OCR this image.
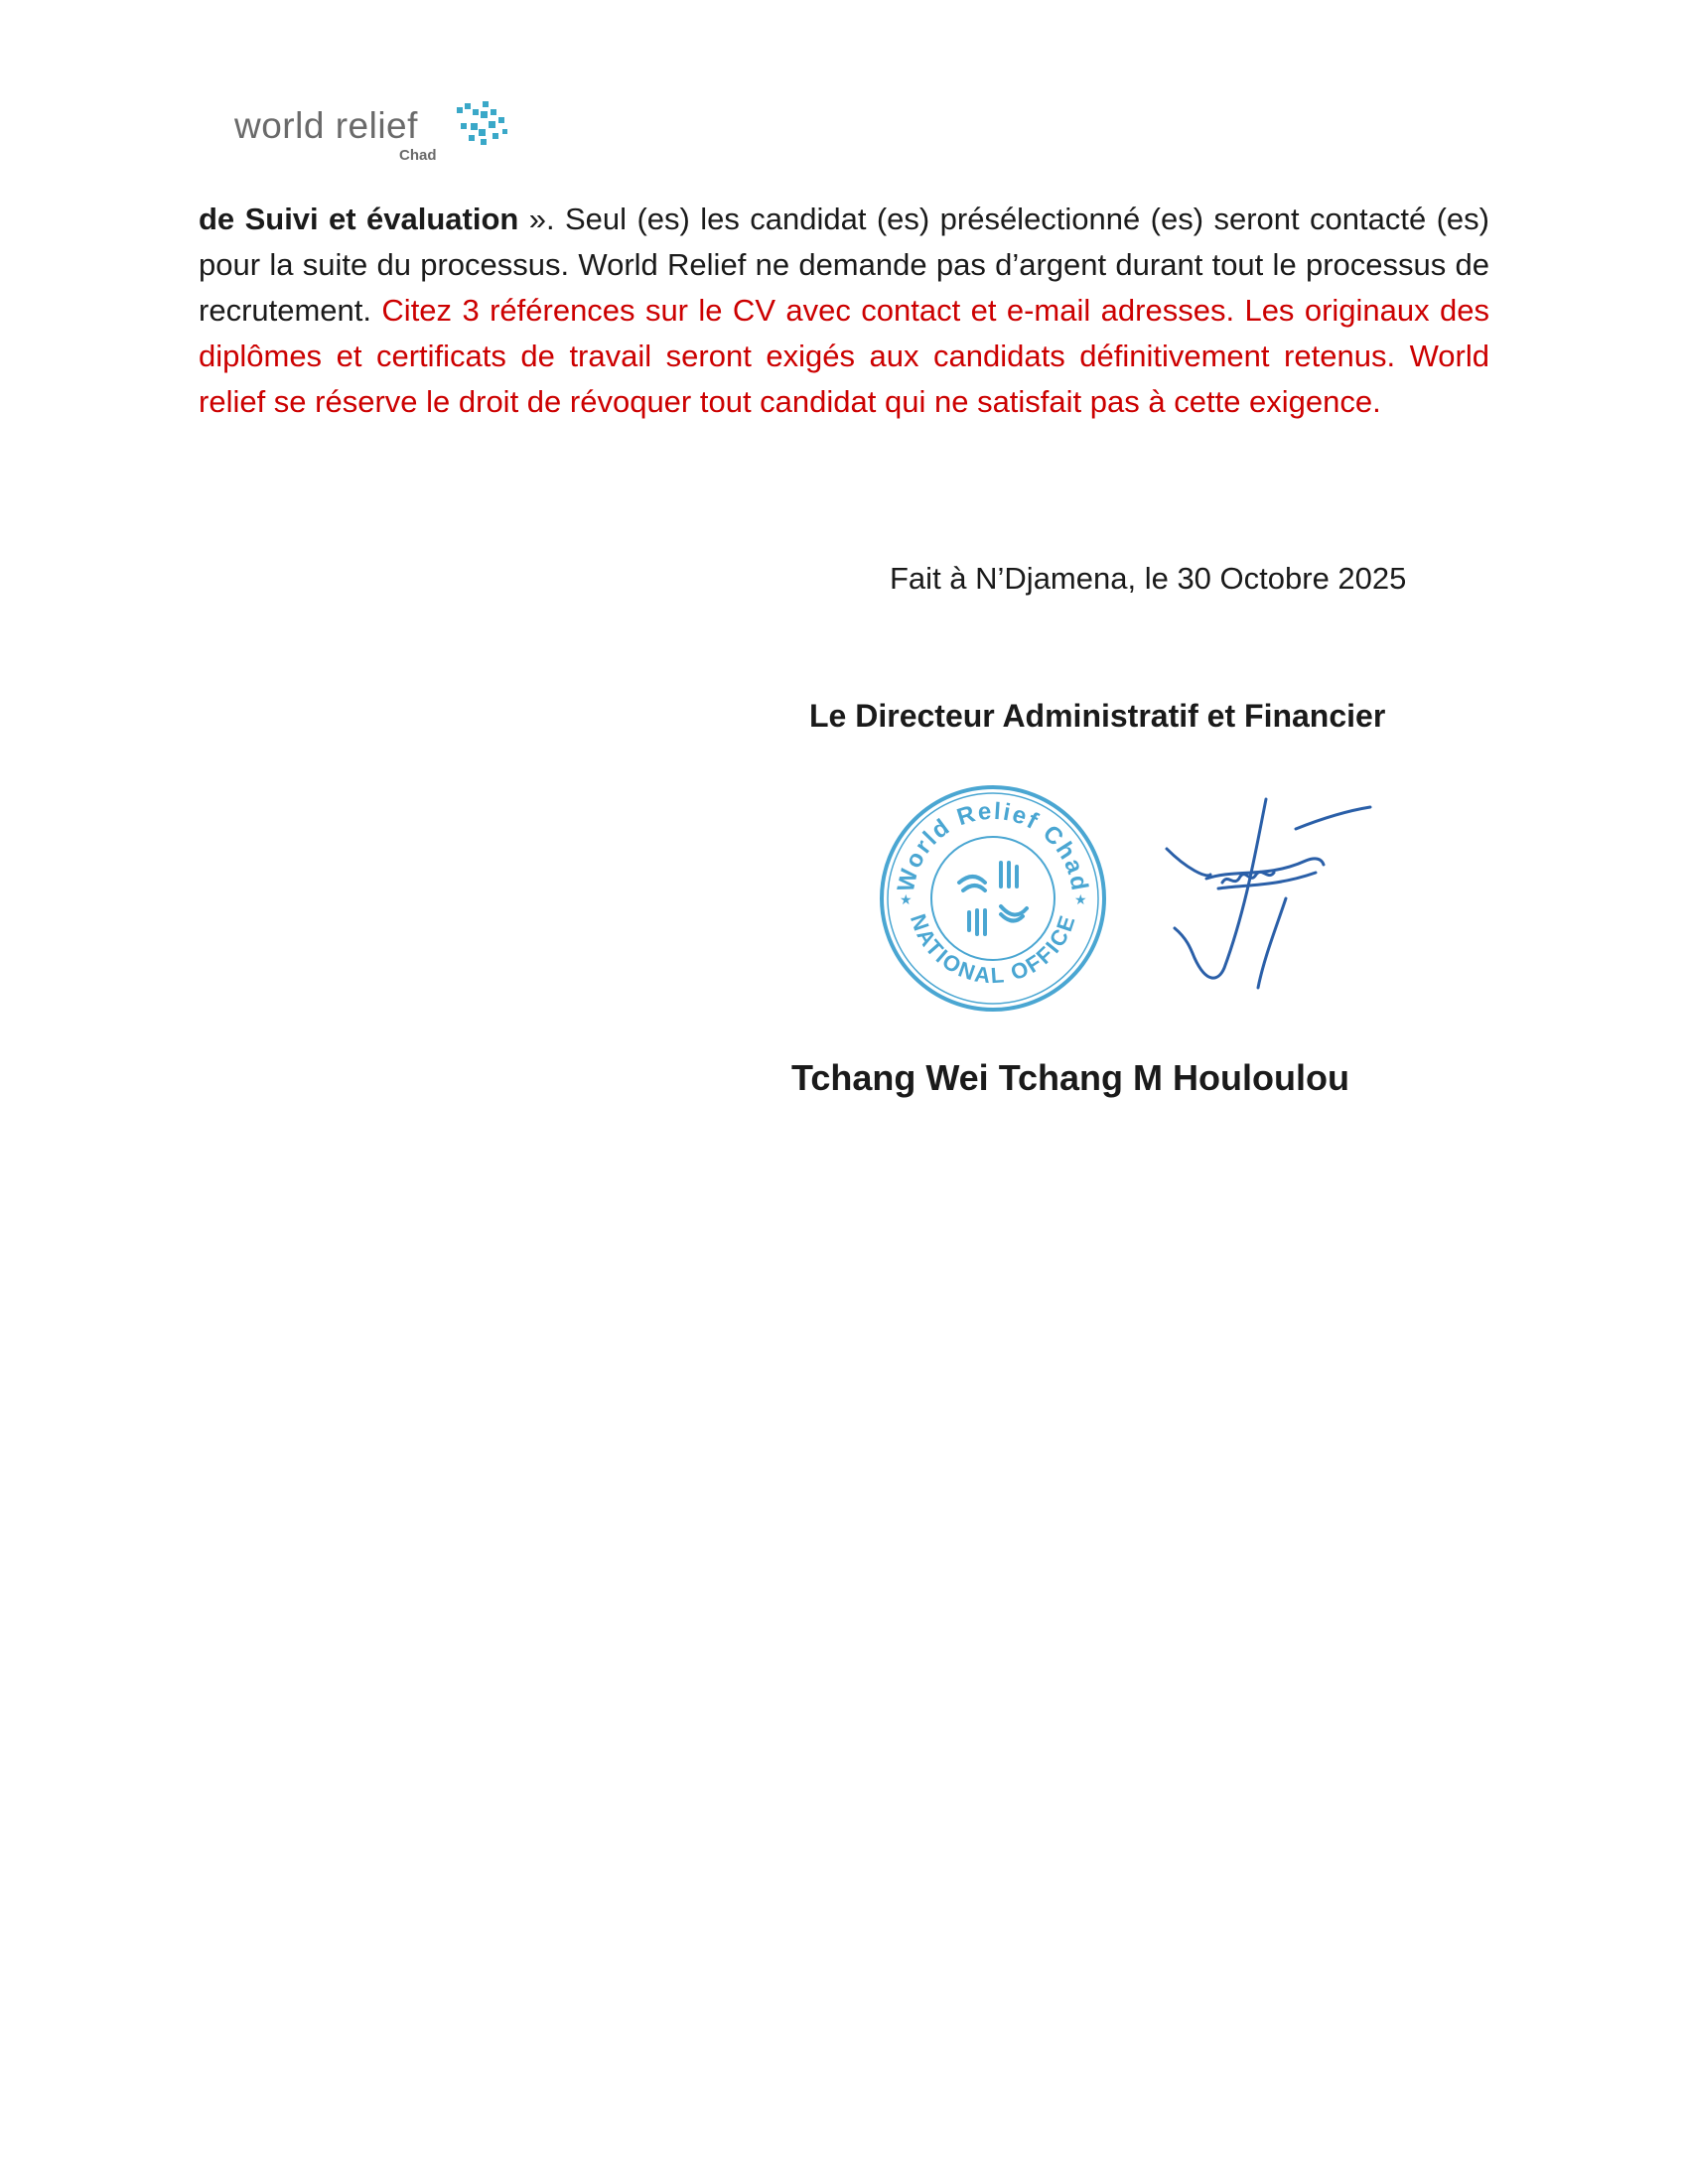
world relief
Chad
de Suivi et évaluation ». Seul (es) les candidat (es) présélectionné (es) seront contacté (es) pour la suite du processus. World Relief ne demande pas d’argent durant tout le processus de recrutement. Citez 3 références sur le CV avec contact et e-mail adresses. Les originaux des diplômes et certificats de travail seront exigés aux candidats définitivement retenus. World relief se réserve le droit de révoquer tout candidat qui ne satisfait pas à cette exigence.
Fait à N’Djamena, le 30 Octobre 2025
Le Directeur Administratif et Financier
World Relief Chad
NATIONAL OFFICE
★	★
Tchang Wei Tchang M Houloulou
